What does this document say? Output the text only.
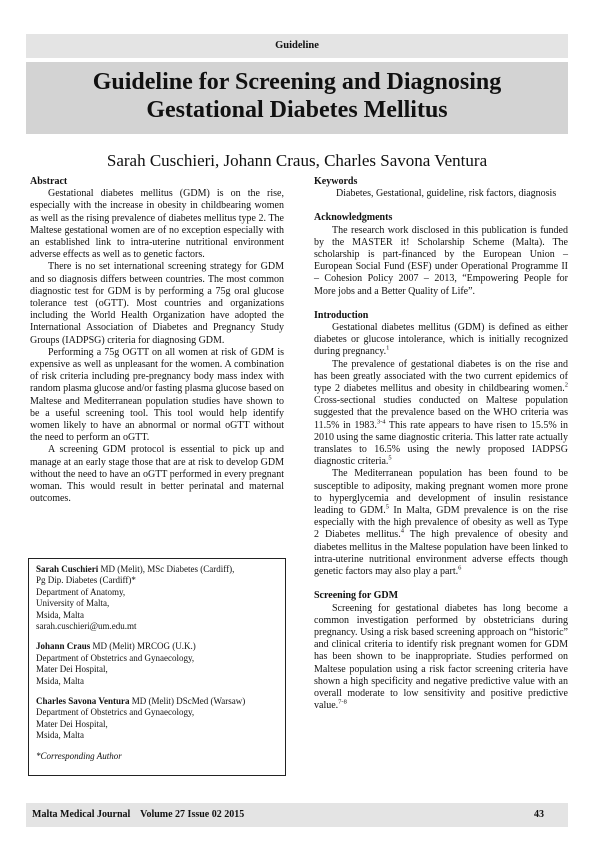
Guideline
Guideline for Screening and Diagnosing
Gestational Diabetes Mellitus
Sarah Cuschieri, Johann Craus, Charles Savona Ventura
Abstract

Gestational diabetes mellitus (GDM) is on the rise, especially with the increase in obesity in childbearing women as well as the rising prevalence of diabetes mellitus type 2. The Maltese gestational women are of no exception especially with an established link to intra-uterine nutritional environment adverse effects as well as to genetic factors.

There is no set international screening strategy for GDM and so diagnosis differs between countries. The most common diagnostic test for GDM is by performing a 75g oral glucose tolerance test (oGTT). Most countries and organizations including the World Health Organization have adopted the International Association of Diabetes and Pregnancy Study Groups (IADPSG) criteria for diagnosing GDM.

Performing a 75g OGTT on all women at risk of GDM is expensive as well as unpleasant for the women. A combination of risk criteria including pre-pregnancy body mass index with random plasma glucose and/or fasting plasma glucose based on Maltese and Mediterranean population studies have shown to be a useful screening tool. This tool would help identify women likely to have an abnormal or normal oGTT without the need to perform an oGTT.

A screening GDM protocol is essential to pick up and manage at an early stage those that are at risk to develop GDM without the need to have an oGTT performed in every pregnant woman. This would result in better perinatal and maternal outcomes.

Sarah Cuschieri MD (Melit), MSc Diabetes (Cardiff),
Pg Dip. Diabetes (Cardiff)*
Department of Anatomy,
University of Malta,
Msida, Malta
sarah.cuschieri@um.edu.mt
Johann Craus MD (Melit) MRCOG (U.K.)
Department of Obstetrics and Gynaecology,
Mater Dei Hospital,
Msida, Malta
Charles Savona Ventura MD (Melit) DScMed (Warsaw)
Department of Obstetrics and Gynaecology,
Mater Dei Hospital,
Msida, Malta
*Corresponding Author
Keywords

Diabetes, Gestational, guideline, risk factors, diagnosis

Acknowledgments

The research work disclosed in this publication is funded by the MASTER it! Scholarship Scheme (Malta). The scholarship is part-financed by the European Union – European Social Fund (ESF) under Operational Programme II – Cohesion Policy 2007 – 2013, “Empowering People for More jobs and a Better Quality of Life”.

Introduction

Gestational diabetes mellitus (GDM) is defined as either diabetes or glucose intolerance, which is initially recognized during pregnancy.$^1$

The prevalence of gestational diabetes is on the rise and has been greatly associated with the two current epidemics of type 2 diabetes mellitus and obesity in childbearing women.$^2$ Cross-sectional studies conducted on Maltese population suggested that the prevalence based on the WHO criteria was 11.5% in 1983.$^{3-4}$ This rate appears to have risen to 15.5% in 2010 using the same diagnostic criteria. This latter rate actually translates to 16.5% using the newly proposed IADPSG diagnostic criteria.$^5$

The Mediterranean population has been found to be susceptible to adiposity, making pregnant women more prone to hyperglycemia and development of insulin resistance leading to GDM.$^5$ In Malta, GDM prevalence is on the rise especially with the high prevalence of obesity as well as Type 2 Diabetes mellitus.$^4$ The high prevalence of obesity and diabetes mellitus in the Maltese population have been linked to intra-uterine nutritional environment adverse effects though genetic factors may also play a part.$^6$

Screening for GDM

Screening for gestational diabetes has long become a common investigation performed by obstetricians during pregnancy. Using a risk based screening approach on “historic” and clinical criteria to identify risk pregnant women for GDM has been shown to be inappropriate. Studies performed on Maltese population using a risk factor screening criteria have shown a high specificity and negative predictive value with an overall moderate to low sensitivity and positive predictive value.$^{7-8}$

Malta Medical Journal    Volume 27 Issue 02 2015	43
